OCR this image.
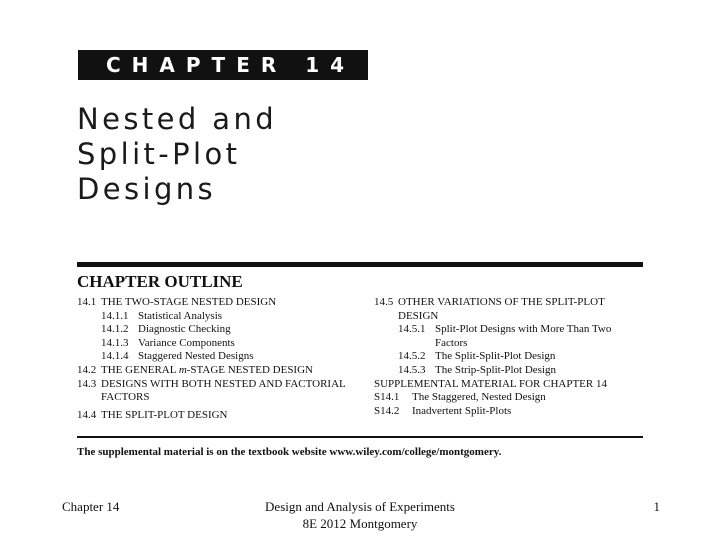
CHAPTER 14
Nested and
Split-Plot
Designs
CHAPTER OUTLINE
14.1 THE TWO-STAGE NESTED DESIGN
14.1.1 Statistical Analysis
14.1.2 Diagnostic Checking
14.1.3 Variance Components
14.1.4 Staggered Nested Designs
14.2 THE GENERAL m-STAGE NESTED DESIGN
14.3 DESIGNS WITH BOTH NESTED AND FACTORIAL
FACTORS
14.4 THE SPLIT-PLOT DESIGN
14.5 OTHER VARIATIONS OF THE SPLIT-PLOT
DESIGN
14.5.1 Split-Plot Designs with More Than Two
Factors
14.5.2 The Split-Split-Plot Design
14.5.3 The Strip-Split-Plot Design
SUPPLEMENTAL MATERIAL FOR CHAPTER 14
S14.1	The Staggered, Nested Design
S14.2	Inadvertent Split-Plots
The supplemental material is on the textbook website www.wiley.com/college/montgomery.
Chapter 14	Design and Analysis of Experiments
8E 2012 Montgomery
1
